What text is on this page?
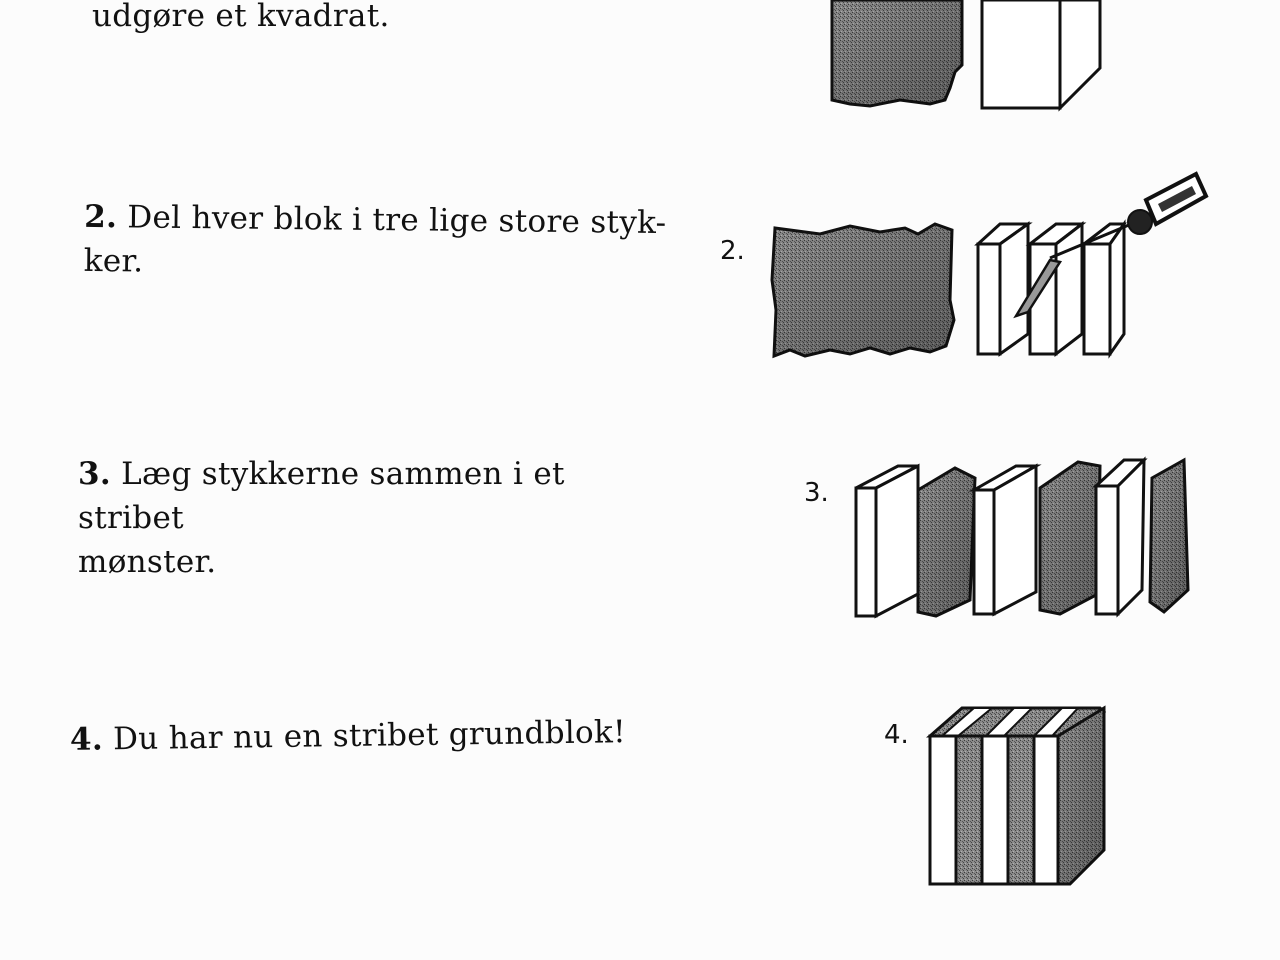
udgøre et kvadrat.
2. Del hver blok i tre lige store styk-
ker.
3. Læg stykkerne sammen i et stribet
mønster.
4. Du har nu en stribet grundblok!
2.
3.
4.
